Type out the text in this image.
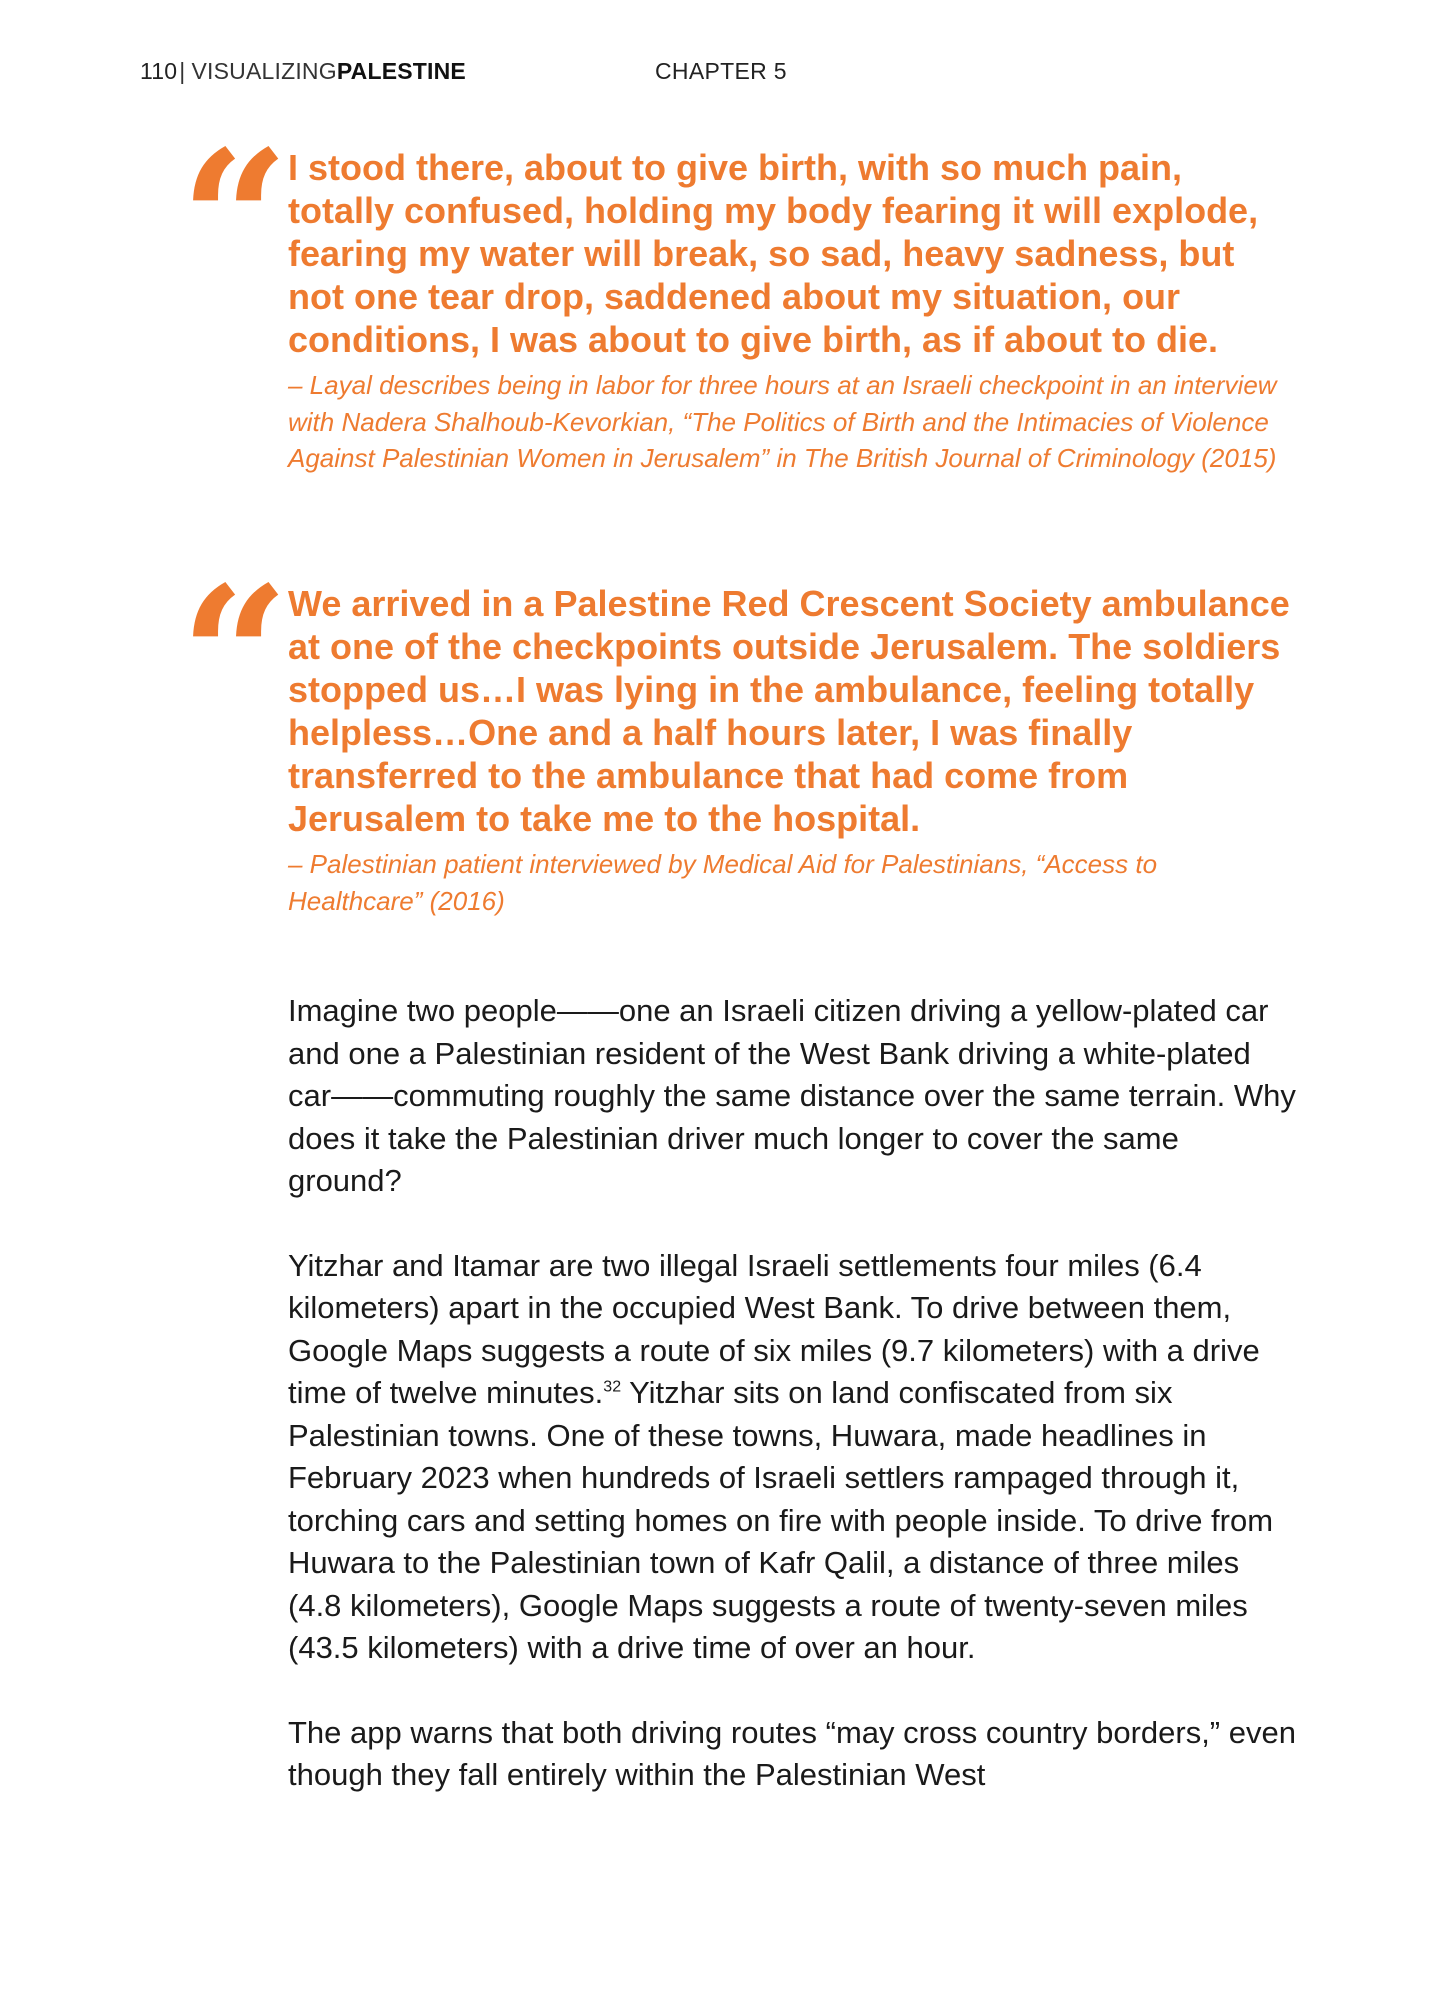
110| VISUALIZINGPALESTINE	CHAPTER 5
“
I stood there, about to give birth, with so much pain, totally confused, holding my body fearing it will explode, fearing my water will break, so sad, heavy sadness, but not one tear drop, saddened about my situation, our conditions, I was about to give birth, as if about to die.
– Layal describes being in labor for three hours at an Israeli checkpoint in an interview with Nadera Shalhoub-Kevorkian, “The Politics of Birth and the Intimacies of Violence Against Palestinian Women in Jerusalem” in The British Journal of Criminology (2015)
“
We arrived in a Palestine Red Crescent Society ambulance at one of the checkpoints outside Jerusalem. The soldiers stopped us…I was lying in the ambulance, feeling totally helpless…One and a half hours later, I was finally transferred to the ambulance that had come from Jerusalem to take me to the hospital.
– Palestinian patient interviewed by Medical Aid for Palestinians, “Access to Healthcare” (2016)

Imagine two people——one an Israeli citizen driving a yellow-plated car and one a Palestinian resident of the West Bank driving a white-plated car——commuting roughly the same distance over the same terrain. Why does it take the Palestinian driver much longer to cover the same ground?

Yitzhar and Itamar are two illegal Israeli settlements four miles (6.4 kilometers) apart in the occupied West Bank. To drive between them, Google Maps suggests a route of six miles (9.7 kilometers) with a drive time of twelve minutes.$^{32}$ Yitzhar sits on land confiscated from six Palestinian towns. One of these towns, Huwara, made headlines in February 2023 when hundreds of Israeli settlers rampaged through it, torching cars and setting homes on fire with people inside. To drive from Huwara to the Palestinian town of Kafr Qalil, a distance of three miles (4.8 kilometers), Google Maps suggests a route of twenty-seven miles (43.5 kilometers) with a drive time of over an hour.

The app warns that both driving routes “may cross country borders,” even though they fall entirely within the Palestinian West
